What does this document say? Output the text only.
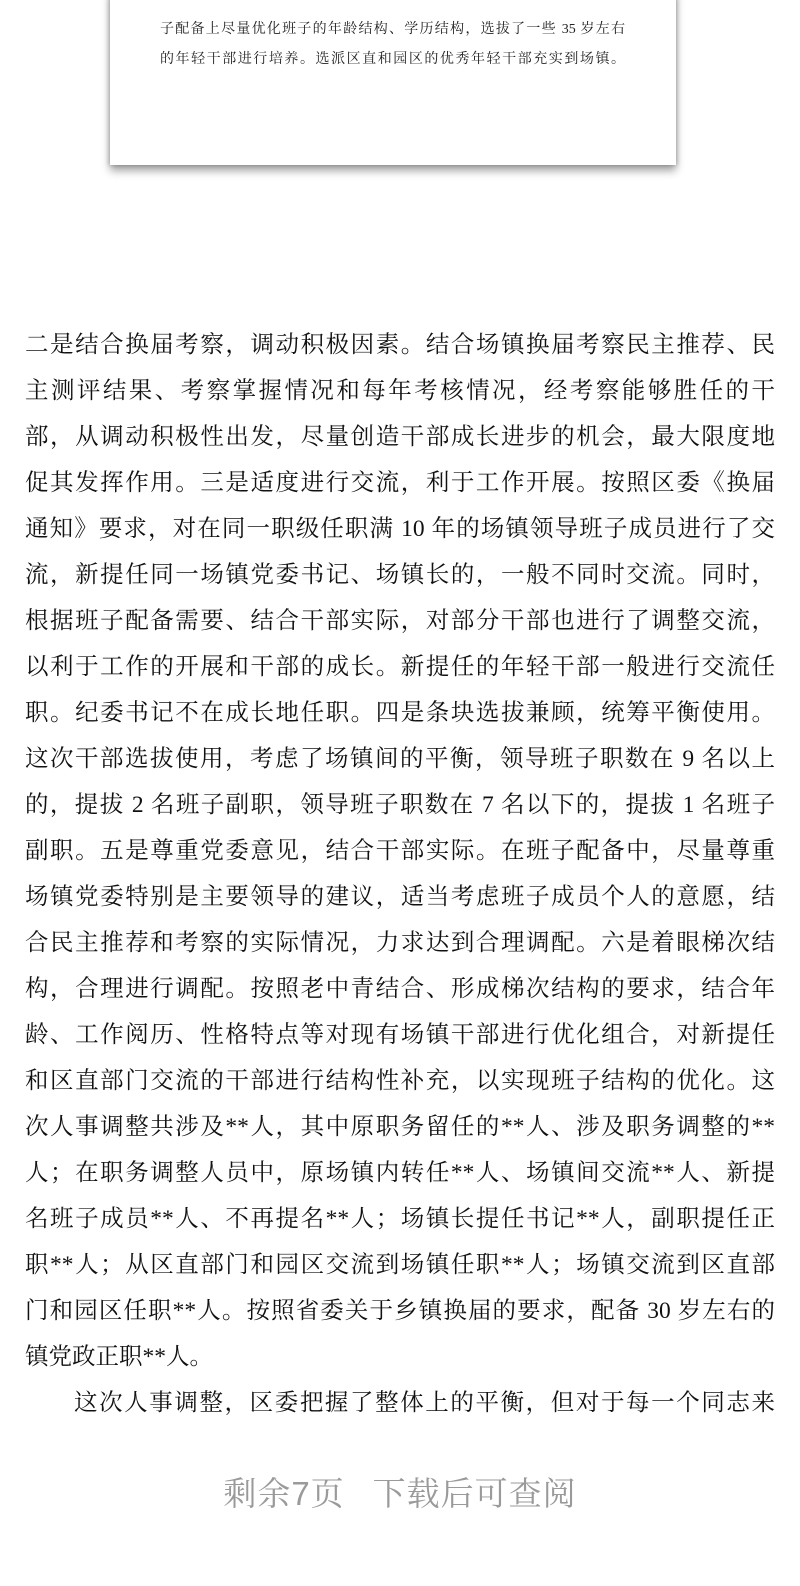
子配备上尽量优化班子的年龄结构、学历结构，选拔了一些 35 岁左右
的年轻干部进行培养。选派区直和园区的优秀年轻干部充实到场镇。
二是结合换届考察，调动积极因素。结合场镇换届考察民主推荐、民
主测评结果、考察掌握情况和每年考核情况，经考察能够胜任的干
部，从调动积极性出发，尽量创造干部成长进步的机会，最大限度地
促其发挥作用。三是适度进行交流，利于工作开展。按照区委《换届
通知》要求，对在同一职级任职满 10 年的场镇领导班子成员进行了交
流，新提任同一场镇党委书记、场镇长的，一般不同时交流。同时，
根据班子配备需要、结合干部实际，对部分干部也进行了调整交流，
以利于工作的开展和干部的成长。新提任的年轻干部一般进行交流任
职。纪委书记不在成长地任职。四是条块选拔兼顾，统筹平衡使用。
这次干部选拔使用，考虑了场镇间的平衡，领导班子职数在 9 名以上
的，提拔 2 名班子副职，领导班子职数在 7 名以下的，提拔 1 名班子
副职。五是尊重党委意见，结合干部实际。在班子配备中，尽量尊重
场镇党委特别是主要领导的建议，适当考虑班子成员个人的意愿，结
合民主推荐和考察的实际情况，力求达到合理调配。六是着眼梯次结
构，合理进行调配。按照老中青结合、形成梯次结构的要求，结合年
龄、工作阅历、性格特点等对现有场镇干部进行优化组合，对新提任
和区直部门交流的干部进行结构性补充，以实现班子结构的优化。这
次人事调整共涉及**人，其中原职务留任的**人、涉及职务调整的**
人；在职务调整人员中，原场镇内转任**人、场镇间交流**人、新提
名班子成员**人、不再提名**人；场镇长提任书记**人，副职提任正
职**人；从区直部门和园区交流到场镇任职**人；场镇交流到区直部
门和园区任职**人。按照省委关于乡镇换届的要求，配备 30 岁左右的
镇党政正职**人。
这次人事调整，区委把握了整体上的平衡，但对于每一个同志来
剩余7页 下载后可查阅
